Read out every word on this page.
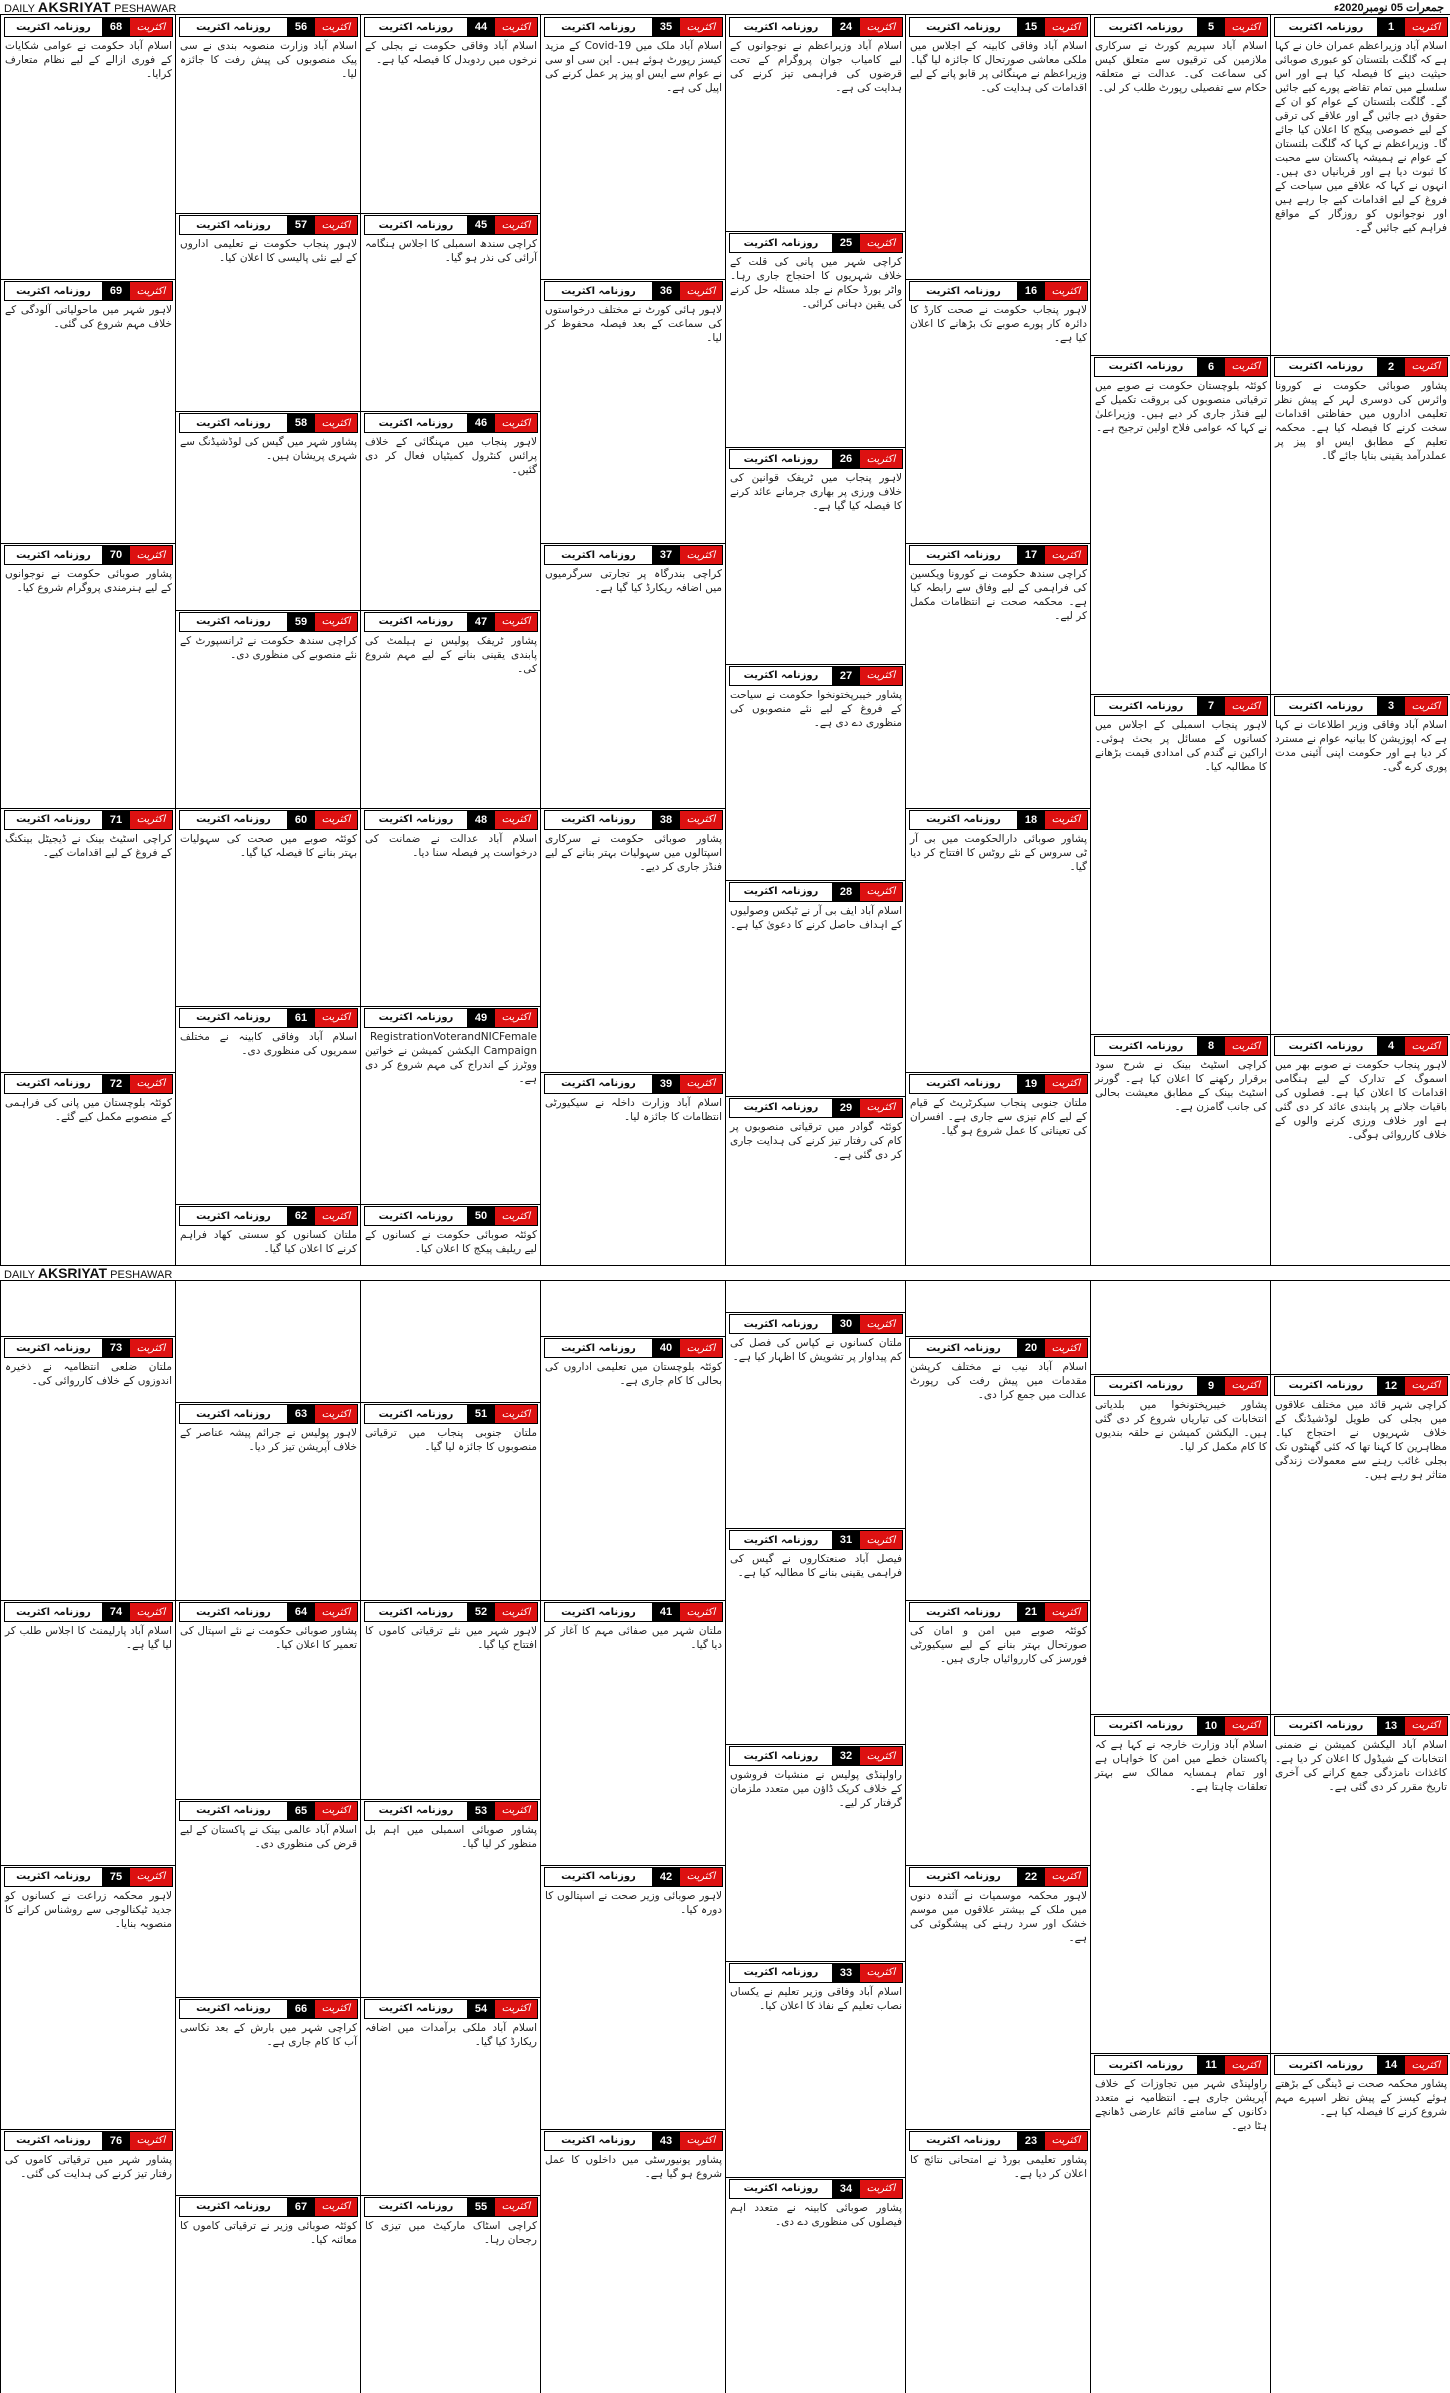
DAILY AKSRIYAT PESHAWAR	جمعرات 05 نومبر2020ء
اکثریت
1
روزنامہ اکثریت
اسلام آباد وزیراعظم عمران خان نے کہا ہے کہ گلگت بلتستان کو عبوری صوبائی حیثیت دینے کا فیصلہ کیا ہے اور اس سلسلے میں تمام تقاضے پورے کیے جائیں گے۔ گلگت بلتستان کے عوام کو ان کے حقوق دیے جائیں گے اور علاقے کی ترقی کے لیے خصوصی پیکج کا اعلان کیا جائے گا۔ وزیراعظم نے کہا کہ گلگت بلتستان کے عوام نے ہمیشہ پاکستان سے محبت کا ثبوت دیا ہے اور قربانیاں دی ہیں۔ انہوں نے کہا کہ علاقے میں سیاحت کے فروغ کے لیے اقدامات کیے جا رہے ہیں اور نوجوانوں کو روزگار کے مواقع فراہم کیے جائیں گے۔
اکثریت
2
روزنامہ اکثریت
پشاور صوبائی حکومت نے کورونا وائرس کی دوسری لہر کے پیش نظر تعلیمی اداروں میں حفاظتی اقدامات سخت کرنے کا فیصلہ کیا ہے۔ محکمہ تعلیم کے مطابق ایس او پیز پر عملدرآمد یقینی بنایا جائے گا۔
اکثریت
3
روزنامہ اکثریت
اسلام آباد وفاقی وزیر اطلاعات نے کہا ہے کہ اپوزیشن کا بیانیہ عوام نے مسترد کر دیا ہے اور حکومت اپنی آئینی مدت پوری کرے گی۔
اکثریت
4
روزنامہ اکثریت
لاہور پنجاب حکومت نے صوبے بھر میں اسموگ کے تدارک کے لیے ہنگامی اقدامات کا اعلان کیا ہے۔ فصلوں کی باقیات جلانے پر پابندی عائد کر دی گئی ہے اور خلاف ورزی کرنے والوں کے خلاف کارروائی ہوگی۔
اکثریت
12
روزنامہ اکثریت
کراچی شہر قائد میں مختلف علاقوں میں بجلی کی طویل لوڈشیڈنگ کے خلاف شہریوں نے احتجاج کیا۔ مظاہرین کا کہنا تھا کہ کئی گھنٹوں تک بجلی غائب رہنے سے معمولات زندگی متاثر ہو رہے ہیں۔
اکثریت
13
روزنامہ اکثریت
اسلام آباد الیکشن کمیشن نے ضمنی انتخابات کے شیڈول کا اعلان کر دیا ہے۔ کاغذات نامزدگی جمع کرانے کی آخری تاریخ مقرر کر دی گئی ہے۔
اکثریت
14
روزنامہ اکثریت
پشاور محکمہ صحت نے ڈینگی کے بڑھتے ہوئے کیسز کے پیش نظر اسپرے مہم شروع کرنے کا فیصلہ کیا ہے۔
اکثریت
5
روزنامہ اکثریت
اسلام آباد سپریم کورٹ نے سرکاری ملازمین کی ترقیوں سے متعلق کیس کی سماعت کی۔ عدالت نے متعلقہ حکام سے تفصیلی رپورٹ طلب کر لی۔
اکثریت
6
روزنامہ اکثریت
کوئٹہ بلوچستان حکومت نے صوبے میں ترقیاتی منصوبوں کی بروقت تکمیل کے لیے فنڈز جاری کر دیے ہیں۔ وزیراعلیٰ نے کہا کہ عوامی فلاح اولین ترجیح ہے۔
اکثریت
7
روزنامہ اکثریت
لاہور پنجاب اسمبلی کے اجلاس میں کسانوں کے مسائل پر بحث ہوئی۔ اراکین نے گندم کی امدادی قیمت بڑھانے کا مطالبہ کیا۔
اکثریت
8
روزنامہ اکثریت
کراچی اسٹیٹ بینک نے شرح سود برقرار رکھنے کا اعلان کیا ہے۔ گورنر اسٹیٹ بینک کے مطابق معیشت بحالی کی جانب گامزن ہے۔
اکثریت
9
روزنامہ اکثریت
پشاور خیبرپختونخوا میں بلدیاتی انتخابات کی تیاریاں شروع کر دی گئی ہیں۔ الیکشن کمیشن نے حلقہ بندیوں کا کام مکمل کر لیا۔
اکثریت
10
روزنامہ اکثریت
اسلام آباد وزارت خارجہ نے کہا ہے کہ پاکستان خطے میں امن کا خواہاں ہے اور تمام ہمسایہ ممالک سے بہتر تعلقات چاہتا ہے۔
اکثریت
11
روزنامہ اکثریت
راولپنڈی شہر میں تجاوزات کے خلاف آپریشن جاری ہے۔ انتظامیہ نے متعدد دکانوں کے سامنے قائم عارضی ڈھانچے ہٹا دیے۔
اکثریت
15
روزنامہ اکثریت
اسلام آباد وفاقی کابینہ کے اجلاس میں ملکی معاشی صورتحال کا جائزہ لیا گیا۔ وزیراعظم نے مہنگائی پر قابو پانے کے لیے اقدامات کی ہدایت کی۔
اکثریت
16
روزنامہ اکثریت
لاہور پنجاب حکومت نے صحت کارڈ کا دائرہ کار پورے صوبے تک بڑھانے کا اعلان کیا ہے۔
اکثریت
17
روزنامہ اکثریت
کراچی سندھ حکومت نے کورونا ویکسین کی فراہمی کے لیے وفاق سے رابطہ کیا ہے۔ محکمہ صحت نے انتظامات مکمل کر لیے۔
اکثریت
18
روزنامہ اکثریت
پشاور صوبائی دارالحکومت میں بی آر ٹی سروس کے نئے روٹس کا افتتاح کر دیا گیا۔
اکثریت
19
روزنامہ اکثریت
ملتان جنوبی پنجاب سیکرٹریٹ کے قیام کے لیے کام تیزی سے جاری ہے۔ افسران کی تعیناتی کا عمل شروع ہو گیا۔
اکثریت
20
روزنامہ اکثریت
اسلام آباد نیب نے مختلف کرپشن مقدمات میں پیش رفت کی رپورٹ عدالت میں جمع کرا دی۔
اکثریت
21
روزنامہ اکثریت
کوئٹہ صوبے میں امن و امان کی صورتحال بہتر بنانے کے لیے سیکیورٹی فورسز کی کارروائیاں جاری ہیں۔
اکثریت
22
روزنامہ اکثریت
لاہور محکمہ موسمیات نے آئندہ دنوں میں ملک کے بیشتر علاقوں میں موسم خشک اور سرد رہنے کی پیشگوئی کی ہے۔
اکثریت
23
روزنامہ اکثریت
پشاور تعلیمی بورڈ نے امتحانی نتائج کا اعلان کر دیا ہے۔
اکثریت
24
روزنامہ اکثریت
اسلام آباد وزیراعظم نے نوجوانوں کے لیے کامیاب جوان پروگرام کے تحت قرضوں کی فراہمی تیز کرنے کی ہدایت کی ہے۔
اکثریت
25
روزنامہ اکثریت
کراچی شہر میں پانی کی قلت کے خلاف شہریوں کا احتجاج جاری رہا۔ واٹر بورڈ حکام نے جلد مسئلہ حل کرنے کی یقین دہانی کرائی۔
اکثریت
26
روزنامہ اکثریت
لاہور پنجاب میں ٹریفک قوانین کی خلاف ورزی پر بھاری جرمانے عائد کرنے کا فیصلہ کیا گیا ہے۔
اکثریت
27
روزنامہ اکثریت
پشاور خیبرپختونخوا حکومت نے سیاحت کے فروغ کے لیے نئے منصوبوں کی منظوری دے دی ہے۔
اکثریت
28
روزنامہ اکثریت
اسلام آباد ایف بی آر نے ٹیکس وصولیوں کے اہداف حاصل کرنے کا دعویٰ کیا ہے۔
اکثریت
29
روزنامہ اکثریت
کوئٹہ گوادر میں ترقیاتی منصوبوں پر کام کی رفتار تیز کرنے کی ہدایت جاری کر دی گئی ہے۔
اکثریت
30
روزنامہ اکثریت
ملتان کسانوں نے کپاس کی فصل کی کم پیداوار پر تشویش کا اظہار کیا ہے۔
اکثریت
31
روزنامہ اکثریت
فیصل آباد صنعتکاروں نے گیس کی فراہمی یقینی بنانے کا مطالبہ کیا ہے۔
اکثریت
32
روزنامہ اکثریت
راولپنڈی پولیس نے منشیات فروشوں کے خلاف کریک ڈاؤن میں متعدد ملزمان گرفتار کر لیے۔
اکثریت
33
روزنامہ اکثریت
اسلام آباد وفاقی وزیر تعلیم نے یکساں نصاب تعلیم کے نفاذ کا اعلان کیا۔
اکثریت
34
روزنامہ اکثریت
پشاور صوبائی کابینہ نے متعدد اہم فیصلوں کی منظوری دے دی۔
اکثریت
35
روزنامہ اکثریت
اسلام آباد ملک میں Covid-19 کے مزید کیسز رپورٹ ہوئے ہیں۔ این سی او سی نے عوام سے ایس او پیز پر عمل کرنے کی اپیل کی ہے۔
اکثریت
36
روزنامہ اکثریت
لاہور ہائی کورٹ نے مختلف درخواستوں کی سماعت کے بعد فیصلہ محفوظ کر لیا۔
اکثریت
37
روزنامہ اکثریت
کراچی بندرگاہ پر تجارتی سرگرمیوں میں اضافہ ریکارڈ کیا گیا ہے۔
اکثریت
38
روزنامہ اکثریت
پشاور صوبائی حکومت نے سرکاری اسپتالوں میں سہولیات بہتر بنانے کے لیے فنڈز جاری کر دیے۔
اکثریت
39
روزنامہ اکثریت
اسلام آباد وزارت داخلہ نے سیکیورٹی انتظامات کا جائزہ لیا۔
اکثریت
40
روزنامہ اکثریت
کوئٹہ بلوچستان میں تعلیمی اداروں کی بحالی کا کام جاری ہے۔
اکثریت
41
روزنامہ اکثریت
ملتان شہر میں صفائی مہم کا آغاز کر دیا گیا۔
اکثریت
42
روزنامہ اکثریت
لاہور صوبائی وزیر صحت نے اسپتالوں کا دورہ کیا۔
اکثریت
43
روزنامہ اکثریت
پشاور یونیورسٹی میں داخلوں کا عمل شروع ہو گیا ہے۔
اکثریت
44
روزنامہ اکثریت
اسلام آباد وفاقی حکومت نے بجلی کے نرخوں میں ردوبدل کا فیصلہ کیا ہے۔
اکثریت
45
روزنامہ اکثریت
کراچی سندھ اسمبلی کا اجلاس ہنگامہ آرائی کی نذر ہو گیا۔
اکثریت
46
روزنامہ اکثریت
لاہور پنجاب میں مہنگائی کے خلاف پرائس کنٹرول کمیٹیاں فعال کر دی گئیں۔
اکثریت
47
روزنامہ اکثریت
پشاور ٹریفک پولیس نے ہیلمٹ کی پابندی یقینی بنانے کے لیے مہم شروع کی۔
اکثریت
48
روزنامہ اکثریت
اسلام آباد عدالت نے ضمانت کی درخواست پر فیصلہ سنا دیا۔
اکثریت
49
روزنامہ اکثریت
RegistrationVoterandNICFemale Campaign الیکشن کمیشن نے خواتین ووٹرز کے اندراج کی مہم شروع کر دی ہے۔
اکثریت
50
روزنامہ اکثریت
کوئٹہ صوبائی حکومت نے کسانوں کے لیے ریلیف پیکج کا اعلان کیا۔
اکثریت
51
روزنامہ اکثریت
ملتان جنوبی پنجاب میں ترقیاتی منصوبوں کا جائزہ لیا گیا۔
اکثریت
52
روزنامہ اکثریت
لاہور شہر میں نئے ترقیاتی کاموں کا افتتاح کیا گیا۔
اکثریت
53
روزنامہ اکثریت
پشاور صوبائی اسمبلی میں اہم بل منظور کر لیا گیا۔
اکثریت
54
روزنامہ اکثریت
اسلام آباد ملکی برآمدات میں اضافہ ریکارڈ کیا گیا۔
اکثریت
55
روزنامہ اکثریت
کراچی اسٹاک مارکیٹ میں تیزی کا رجحان رہا۔
اکثریت
56
روزنامہ اکثریت
اسلام آباد وزارت منصوبہ بندی نے سی پیک منصوبوں کی پیش رفت کا جائزہ لیا۔
اکثریت
57
روزنامہ اکثریت
لاہور پنجاب حکومت نے تعلیمی اداروں کے لیے نئی پالیسی کا اعلان کیا۔
اکثریت
58
روزنامہ اکثریت
پشاور شہر میں گیس کی لوڈشیڈنگ سے شہری پریشان ہیں۔
اکثریت
59
روزنامہ اکثریت
کراچی سندھ حکومت نے ٹرانسپورٹ کے نئے منصوبے کی منظوری دی۔
اکثریت
60
روزنامہ اکثریت
کوئٹہ صوبے میں صحت کی سہولیات بہتر بنانے کا فیصلہ کیا گیا۔
اکثریت
61
روزنامہ اکثریت
اسلام آباد وفاقی کابینہ نے مختلف سمریوں کی منظوری دی۔
اکثریت
62
روزنامہ اکثریت
ملتان کسانوں کو سستی کھاد فراہم کرنے کا اعلان کیا گیا۔
اکثریت
63
روزنامہ اکثریت
لاہور پولیس نے جرائم پیشہ عناصر کے خلاف آپریشن تیز کر دیا۔
اکثریت
64
روزنامہ اکثریت
پشاور صوبائی حکومت نے نئے اسپتال کی تعمیر کا اعلان کیا۔
اکثریت
65
روزنامہ اکثریت
اسلام آباد عالمی بینک نے پاکستان کے لیے قرض کی منظوری دی۔
اکثریت
66
روزنامہ اکثریت
کراچی شہر میں بارش کے بعد نکاسی آب کا کام جاری ہے۔
اکثریت
67
روزنامہ اکثریت
کوئٹہ صوبائی وزیر نے ترقیاتی کاموں کا معائنہ کیا۔
اکثریت
68
روزنامہ اکثریت
اسلام آباد حکومت نے عوامی شکایات کے فوری ازالے کے لیے نظام متعارف کرایا۔
اکثریت
69
روزنامہ اکثریت
لاہور شہر میں ماحولیاتی آلودگی کے خلاف مہم شروع کی گئی۔
اکثریت
70
روزنامہ اکثریت
پشاور صوبائی حکومت نے نوجوانوں کے لیے ہنرمندی پروگرام شروع کیا۔
اکثریت
71
روزنامہ اکثریت
کراچی اسٹیٹ بینک نے ڈیجیٹل بینکنگ کے فروغ کے لیے اقدامات کیے۔
اکثریت
72
روزنامہ اکثریت
کوئٹہ بلوچستان میں پانی کی فراہمی کے منصوبے مکمل کیے گئے۔
اکثریت
73
روزنامہ اکثریت
ملتان ضلعی انتظامیہ نے ذخیرہ اندوزوں کے خلاف کارروائی کی۔
اکثریت
74
روزنامہ اکثریت
اسلام آباد پارلیمنٹ کا اجلاس طلب کر لیا گیا ہے۔
اکثریت
75
روزنامہ اکثریت
لاہور محکمہ زراعت نے کسانوں کو جدید ٹیکنالوجی سے روشناس کرانے کا منصوبہ بنایا۔
اکثریت
76
روزنامہ اکثریت
پشاور شہر میں ترقیاتی کاموں کی رفتار تیز کرنے کی ہدایت کی گئی۔
DAILY AKSRIYAT PESHAWAR
